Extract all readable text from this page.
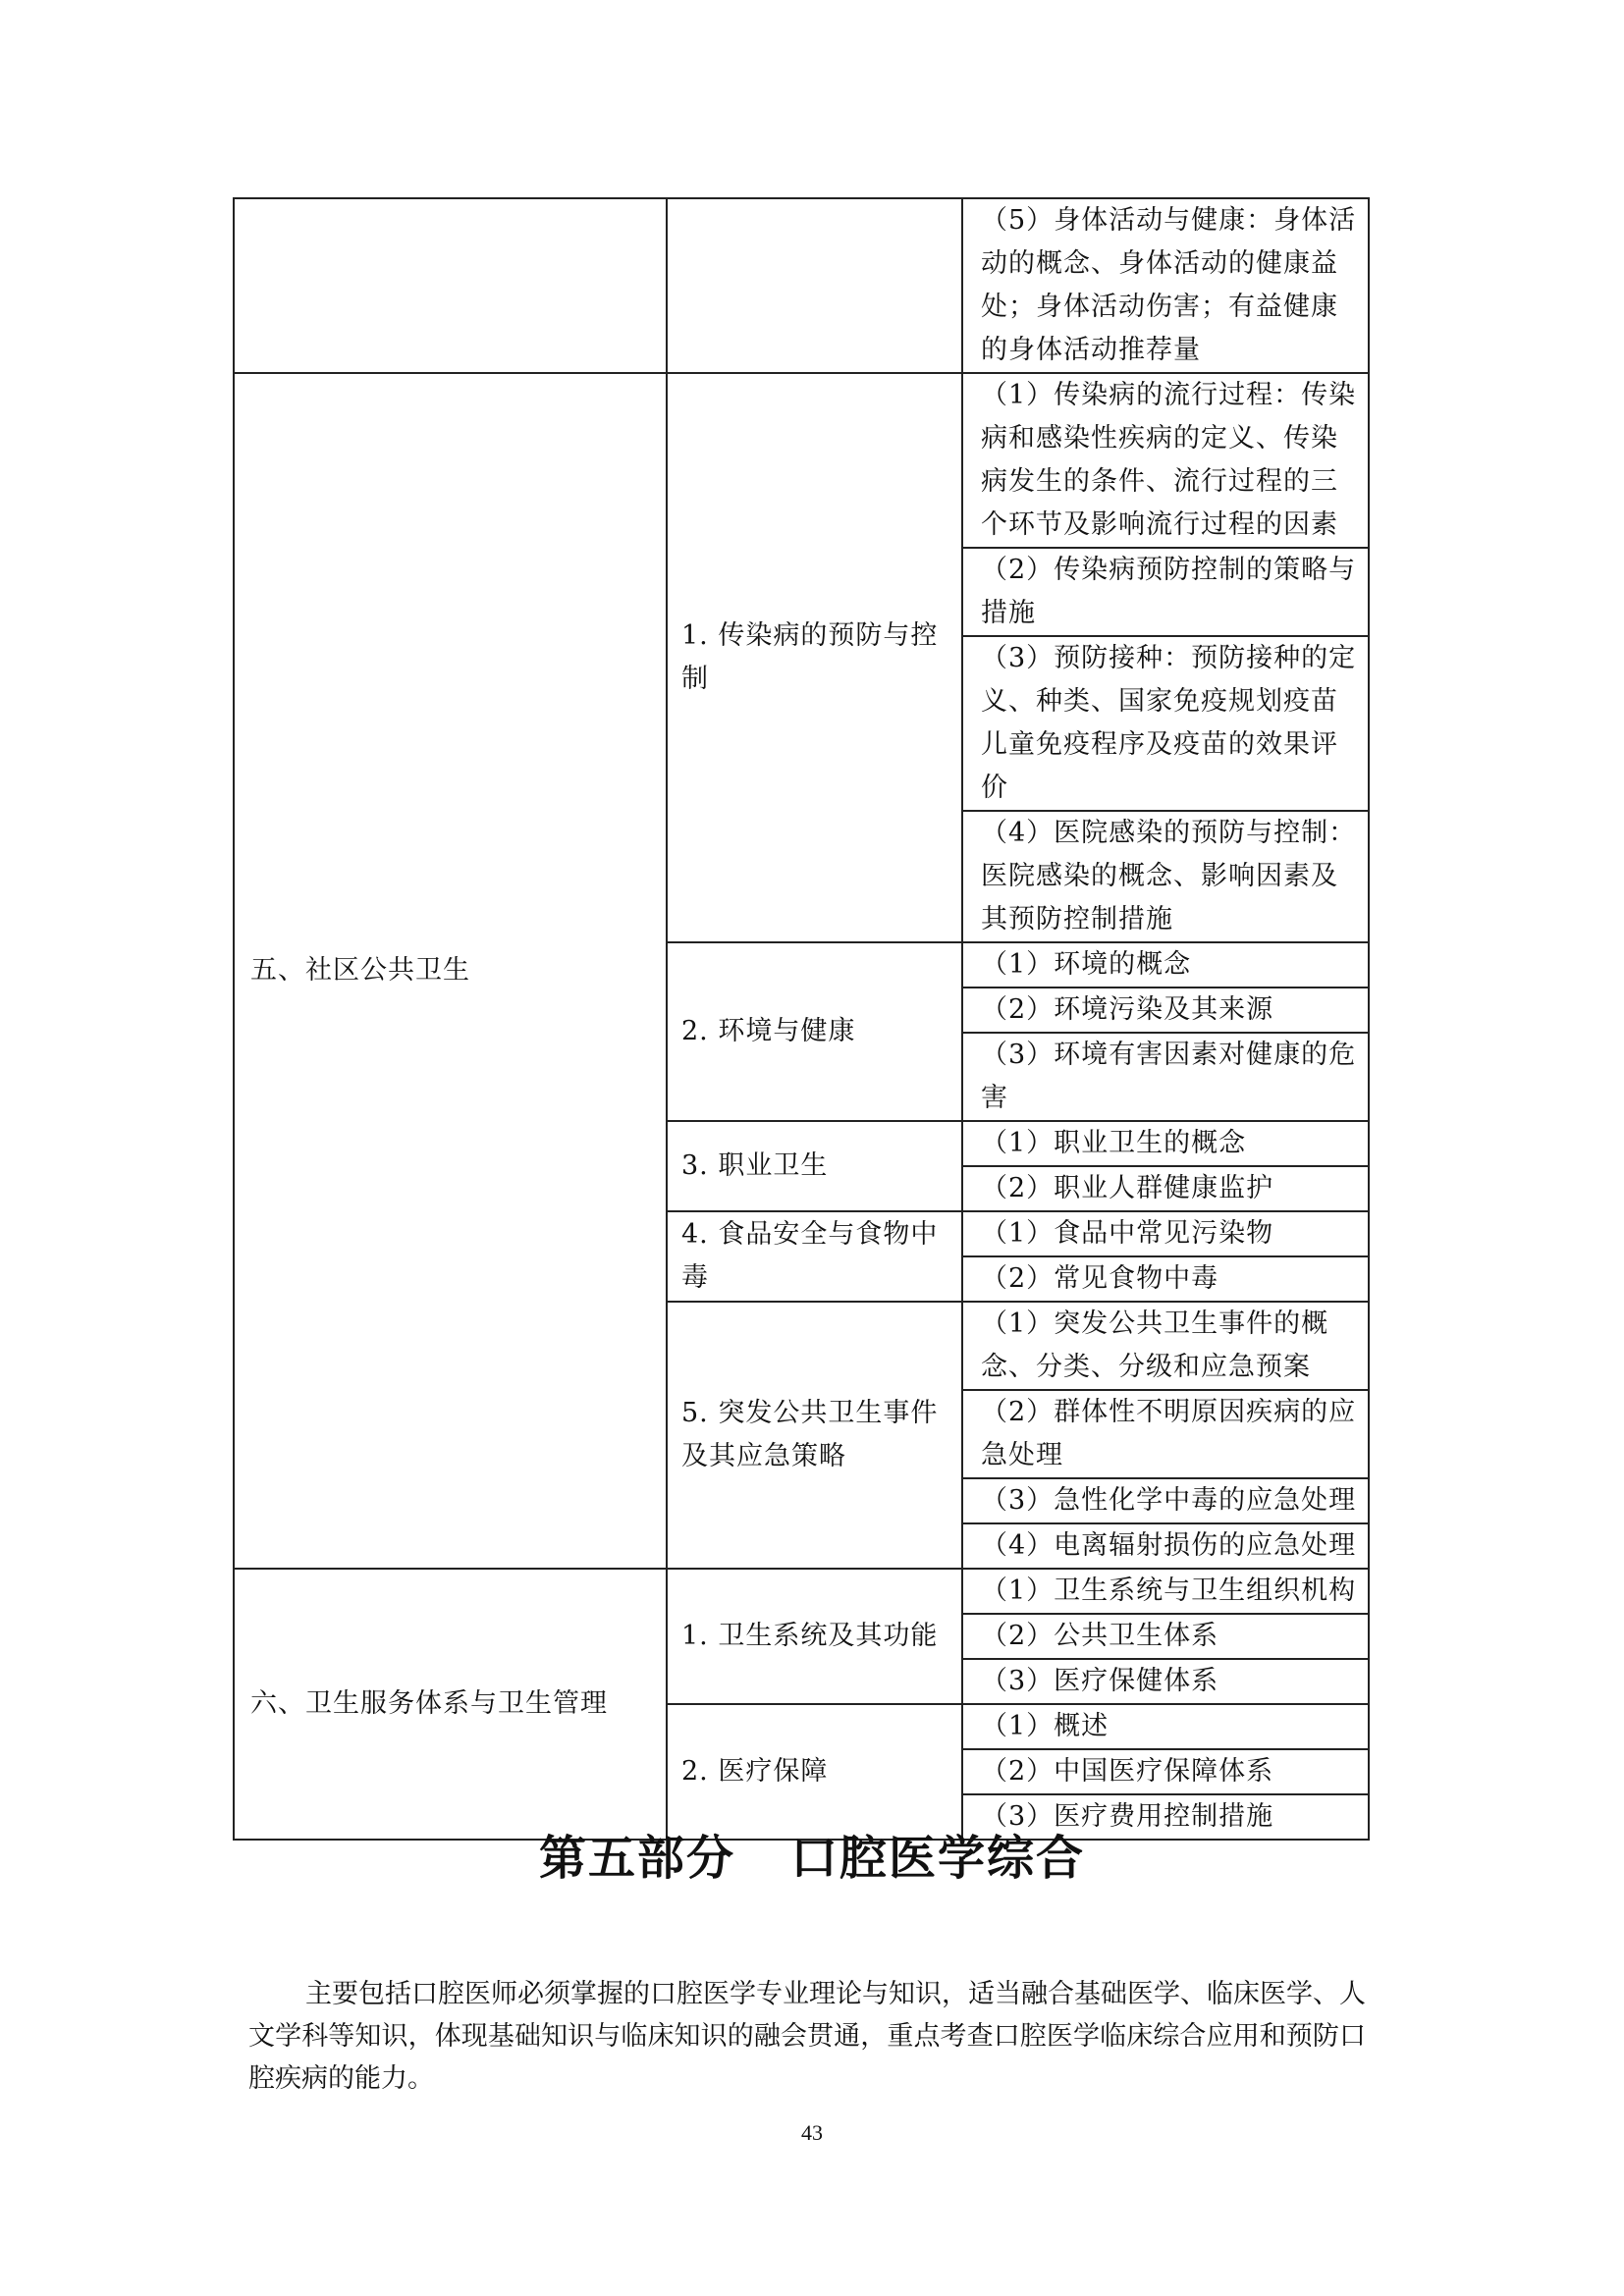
		（5）身体活动与健康：身体活动的概念、身体活动的健康益处；身体活动伤害；有益健康的身体活动推荐量
五、社区公共卫生	1. 传染病的预防与控制	（1）传染病的流行过程：传染病和感染性疾病的定义、传染病发生的条件、流行过程的三个环节及影响流行过程的因素
		（2）传染病预防控制的策略与措施
		（3）预防接种：预防接种的定义、种类、国家免疫规划疫苗儿童免疫程序及疫苗的效果评价
		（4）医院感染的预防与控制：医院感染的概念、影响因素及其预防控制措施
	2. 环境与健康	（1）环境的概念
		（2）环境污染及其来源
		（3）环境有害因素对健康的危害
	3. 职业卫生	（1）职业卫生的概念
		（2）职业人群健康监护
	4. 食品安全与食物中毒	（1）食品中常见污染物
		（2）常见食物中毒
	5. 突发公共卫生事件及其应急策略	（1）突发公共卫生事件的概念、分类、分级和应急预案
		（2）群体性不明原因疾病的应急处理
		（3）急性化学中毒的应急处理
		（4）电离辐射损伤的应急处理
六、卫生服务体系与卫生管理	1. 卫生系统及其功能	（1）卫生系统与卫生组织机构
		（2）公共卫生体系
		（3）医疗保健体系
	2. 医疗保障	（1）概述
		（2）中国医疗保障体系
		（3）医疗费用控制措施
第五部分 口腔医学综合

主要包括口腔医师必须掌握的口腔医学专业理论与知识，适当融合基础医学、临床医学、人文学科等知识，体现基础知识与临床知识的融会贯通，重点考查口腔医学临床综合应用和预防口腔疾病的能力。

43
